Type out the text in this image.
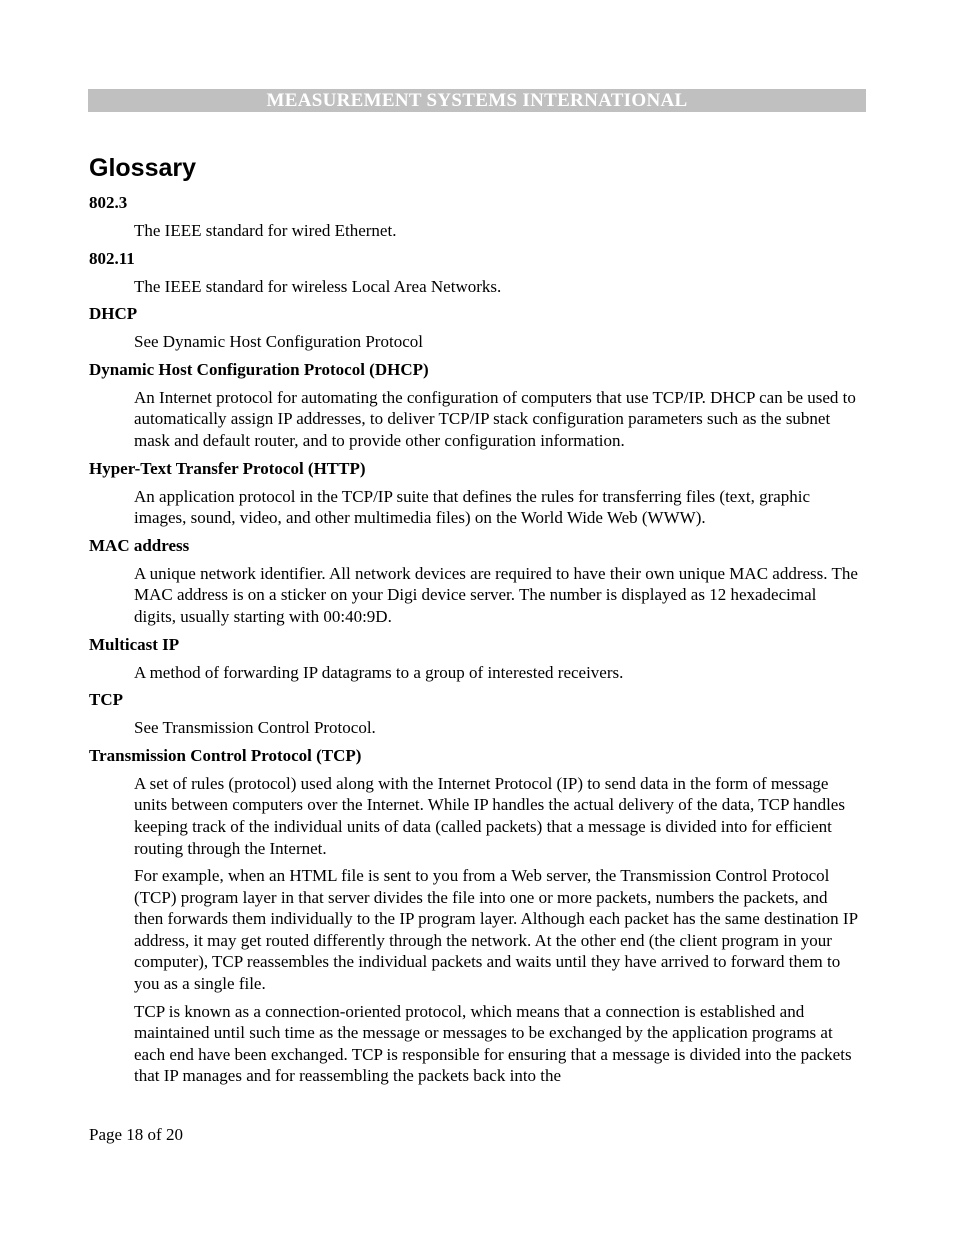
MEASUREMENT SYSTEMS INTERNATIONAL
Glossary
802.3
The IEEE standard for wired Ethernet.
802.11
The IEEE standard for wireless Local Area Networks.
DHCP
See Dynamic Host Configuration Protocol
Dynamic Host Configuration Protocol (DHCP)
An Internet protocol for automating the configuration of computers that use TCP/IP. DHCP can be used to automatically assign IP addresses, to deliver TCP/IP stack configuration parameters such as the subnet mask and default router, and to provide other configuration information.
Hyper-Text Transfer Protocol (HTTP)
An application protocol in the TCP/IP suite that defines the rules for transferring files (text, graphic images, sound, video, and other multimedia files) on the World Wide Web (WWW).
MAC address
A unique network identifier. All network devices are required to have their own unique MAC address. The MAC address is on a sticker on your Digi device server. The number is displayed as 12 hexadecimal digits, usually starting with 00:40:9D.
Multicast IP
A method of forwarding IP datagrams to a group of interested receivers.
TCP
See Transmission Control Protocol.
Transmission Control Protocol (TCP)
A set of rules (protocol) used along with the Internet Protocol (IP) to send data in the form of message units between computers over the Internet. While IP handles the actual delivery of the data, TCP handles keeping track of the individual units of data (called packets) that a message is divided into for efficient routing through the Internet.
For example, when an HTML file is sent to you from a Web server, the Transmission Control Protocol (TCP) program layer in that server divides the file into one or more packets, numbers the packets, and then forwards them individually to the IP program layer. Although each packet has the same destination IP address, it may get routed differently through the network. At the other end (the client program in your computer), TCP reassembles the individual packets and waits until they have arrived to forward them to you as a single file.
TCP is known as a connection-oriented protocol, which means that a connection is established and maintained until such time as the message or messages to be exchanged by the application programs at each end have been exchanged. TCP is responsible for ensuring that a message is divided into the packets that IP manages and for reassembling the packets back into the
Page 18 of 20
